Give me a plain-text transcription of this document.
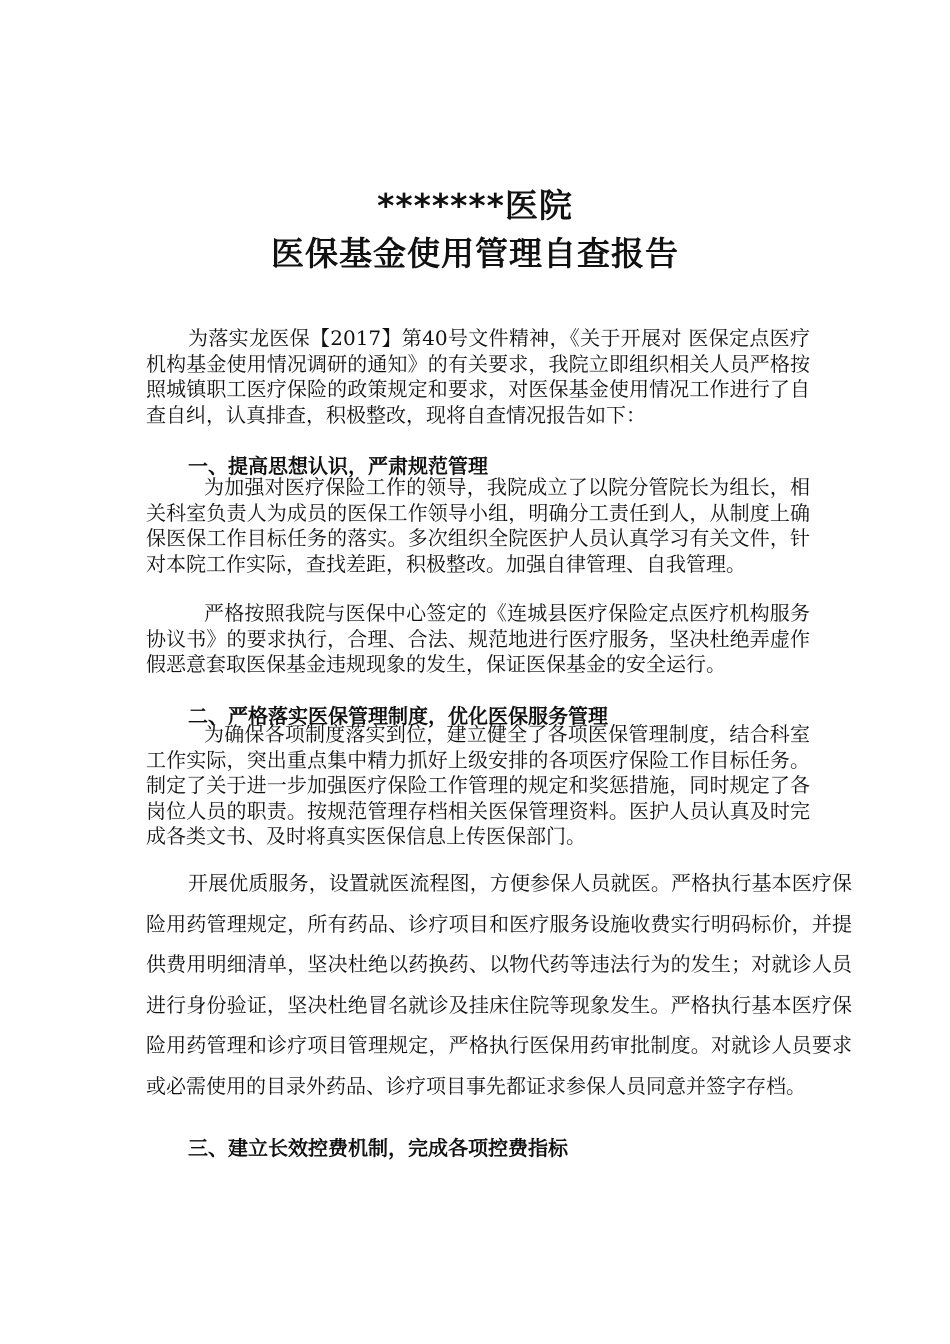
*******医院
医保基金使用管理自查报告

为落实龙医保【2017】第40号文件精神，《关于开展对 医保定点医疗机构基金使用情况调研的通知》的有关要求，我院立即组织相关人员严格按照城镇职工医疗保险的政策规定和要求，对医保基金使用情况工作进行了自查自纠，认真排查，积极整改，现将自查情况报告如下：

一、提高思想认识，严肃规范管理

为加强对医疗保险工作的领导，我院成立了以院分管院长为组长，相关科室负责人为成员的医保工作领导小组，明确分工责任到人，从制度上确保医保工作目标任务的落实。多次组织全院医护人员认真学习有关文件，针对本院工作实际，查找差距，积极整改。加强自律管理、自我管理。

严格按照我院与医保中心签定的《连城县医疗保险定点医疗机构服务协议书》的要求执行，合理、合法、规范地进行医疗服务，坚决杜绝弄虚作假恶意套取医保基金违规现象的发生，保证医保基金的安全运行。

二、严格落实医保管理制度，优化医保服务管理

为确保各项制度落实到位，建立健全了各项医保管理制度，结合科室工作实际，突出重点集中精力抓好上级安排的各项医疗保险工作目标任务。制定了关于进一步加强医疗保险工作管理的规定和奖惩措施，同时规定了各岗位人员的职责。按规范管理存档相关医保管理资料。医护人员认真及时完成各类文书、及时将真实医保信息上传医保部门。

开展优质服务，设置就医流程图，方便参保人员就医。严格执行基本医疗保险用药管理规定，所有药品、诊疗项目和医疗服务设施收费实行明码标价，并提供费用明细清单，坚决杜绝以药换药、以物代药等违法行为的发生；对就诊人员进行身份验证，坚决杜绝冒名就诊及挂床住院等现象发生。严格执行基本医疗保险用药管理和诊疗项目管理规定，严格执行医保用药审批制度。对就诊人员要求或必需使用的目录外药品、诊疗项目事先都证求参保人员同意并签字存档。

三、建立长效控费机制，完成各项控费指标
